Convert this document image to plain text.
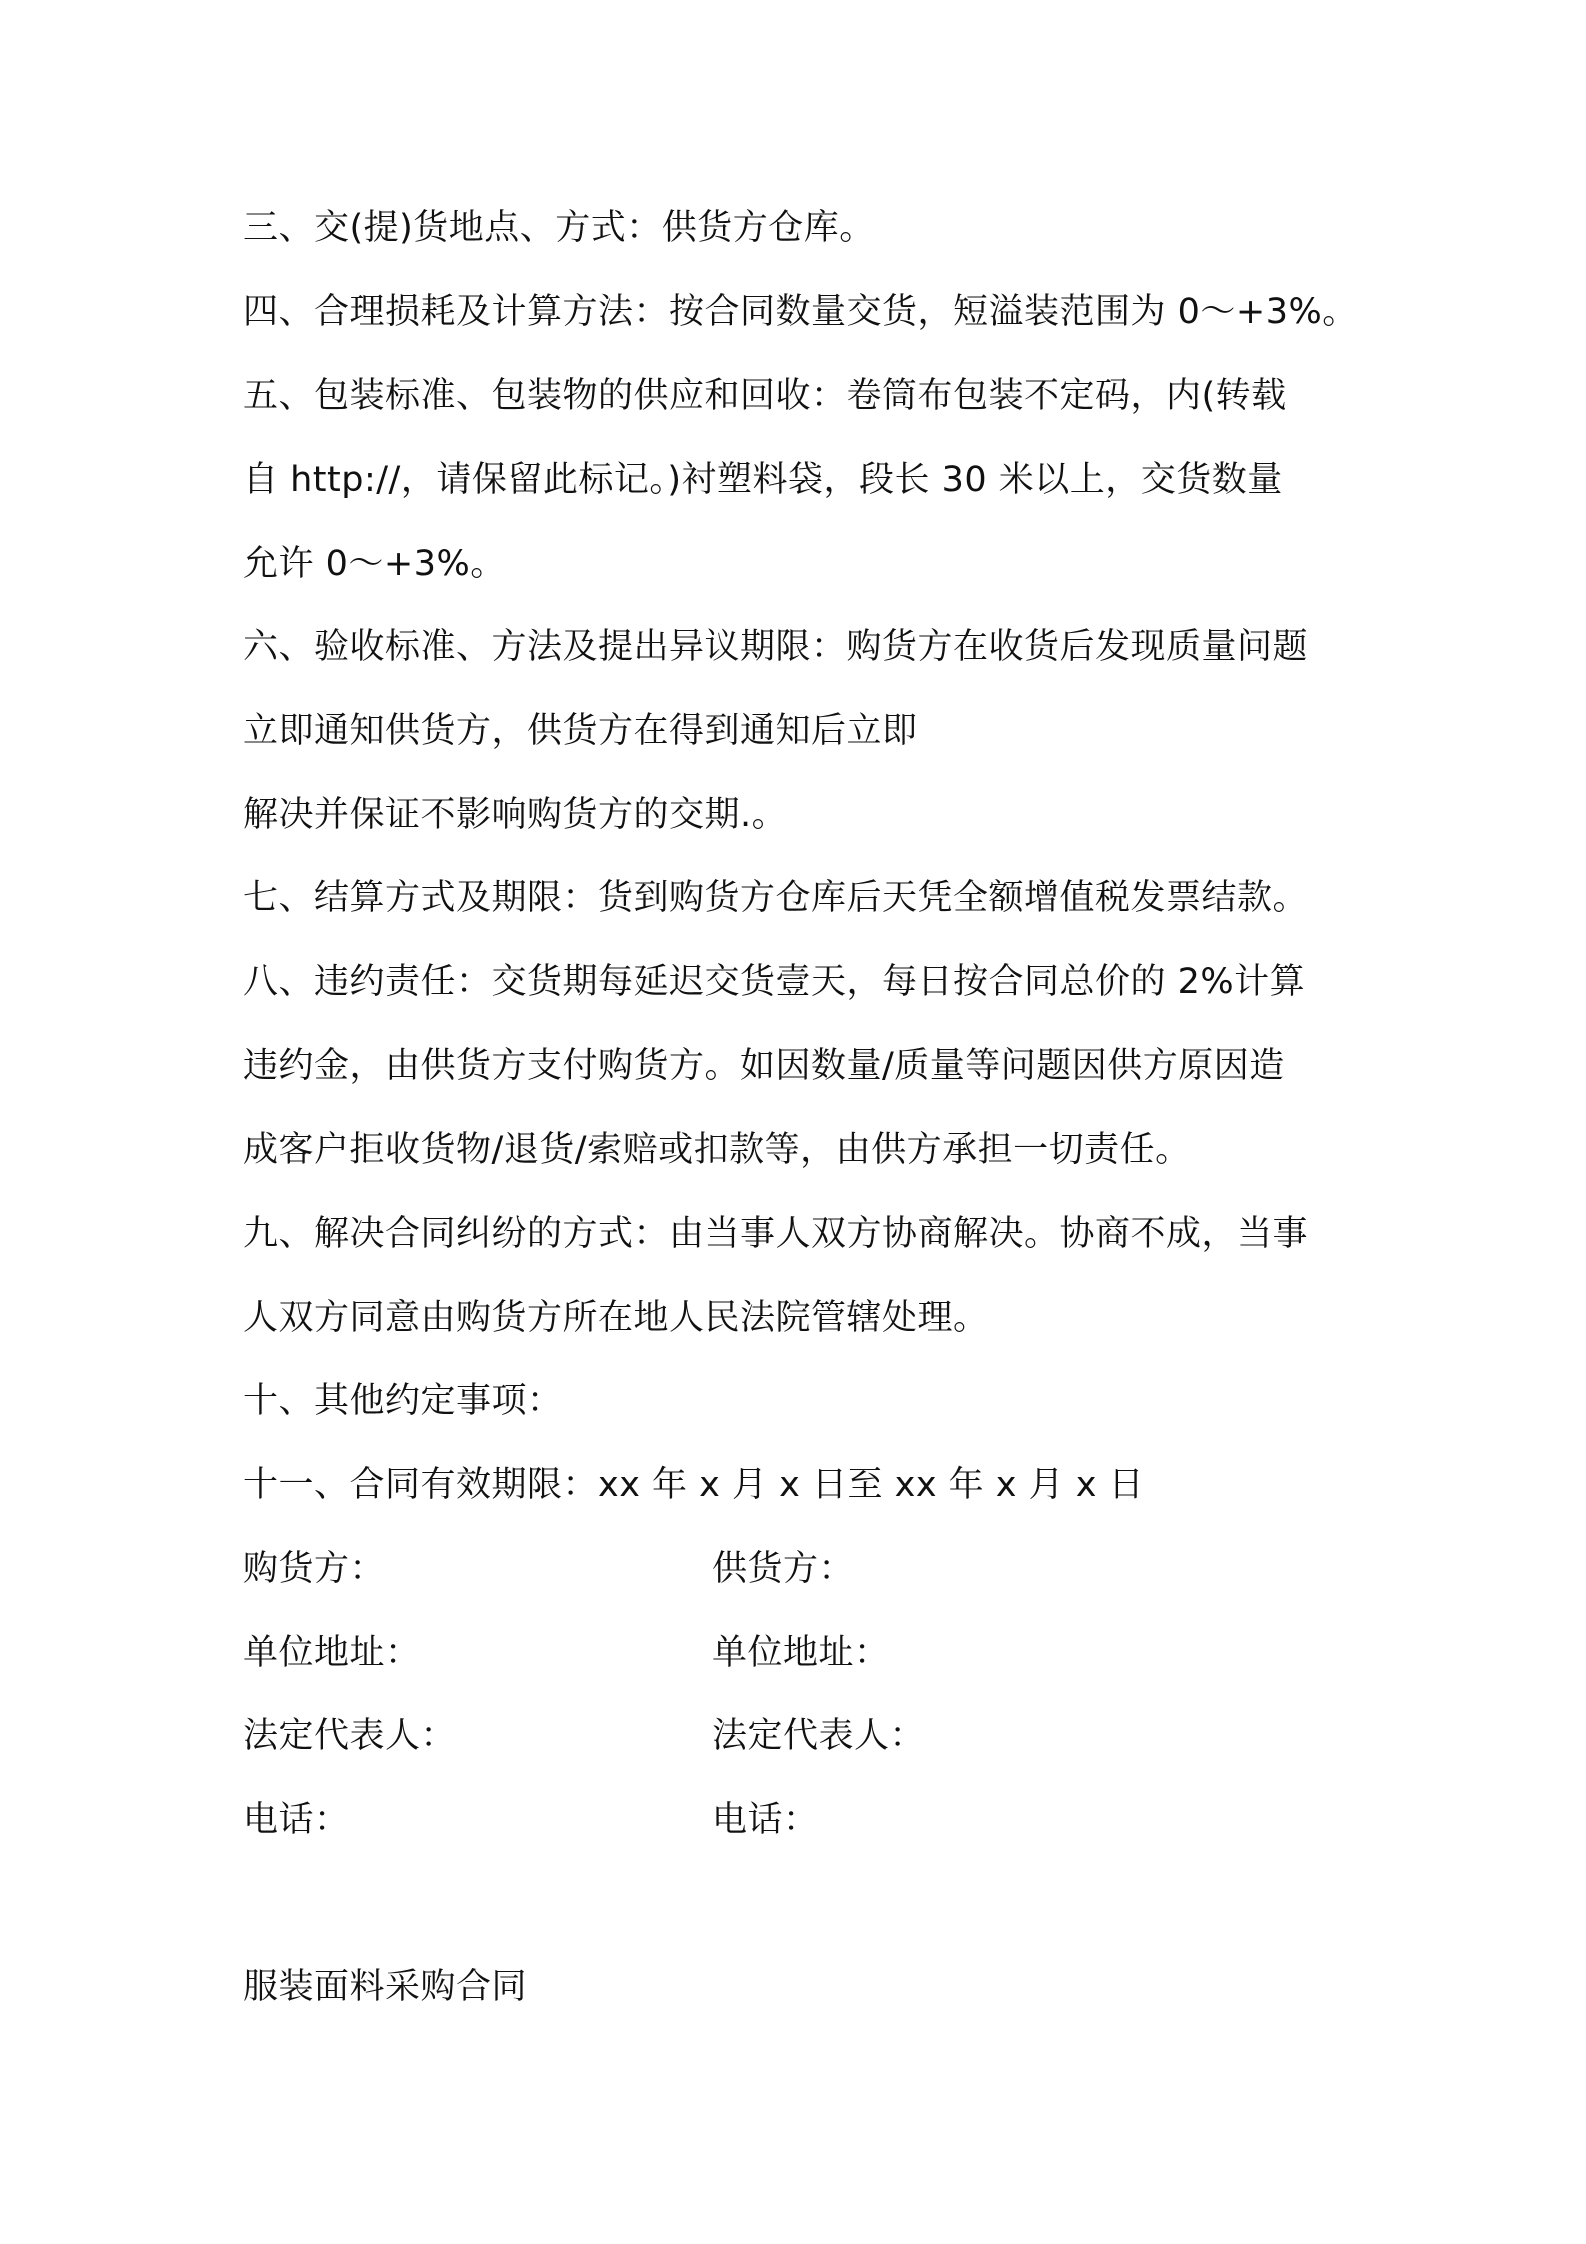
三、交(提)货地点、方式：供货方仓库。
四、合理损耗及计算方法：按合同数量交货，短溢装范围为 0～+3%。
五、包装标准、包装物的供应和回收：卷筒布包装不定码，内(转载
自 http://，请保留此标记。)衬塑料袋，段长 30 米以上，交货数量
允许 0～+3%。
六、验收标准、方法及提出异议期限：购货方在收货后发现质量问题
立即通知供货方，供货方在得到通知后立即
解决并保证不影响购货方的交期.。
七、结算方式及期限：货到购货方仓库后天凭全额增值税发票结款。
八、违约责任：交货期每延迟交货壹天，每日按合同总价的 2%计算
违约金，由供货方支付购货方。如因数量/质量等问题因供方原因造
成客户拒收货物/退货/索赔或扣款等，由供方承担一切责任。
九、解决合同纠纷的方式：由当事人双方协商解决。协商不成，当事
人双方同意由购货方所在地人民法院管辖处理。
十、其他约定事项：
十一、合同有效期限：xx 年 x 月 x 日至 xx 年 x 月 x 日
购货方：	供货方：
单位地址：	单位地址：
法定代表人：	法定代表人：
电话：	电话：
服装面料采购合同
